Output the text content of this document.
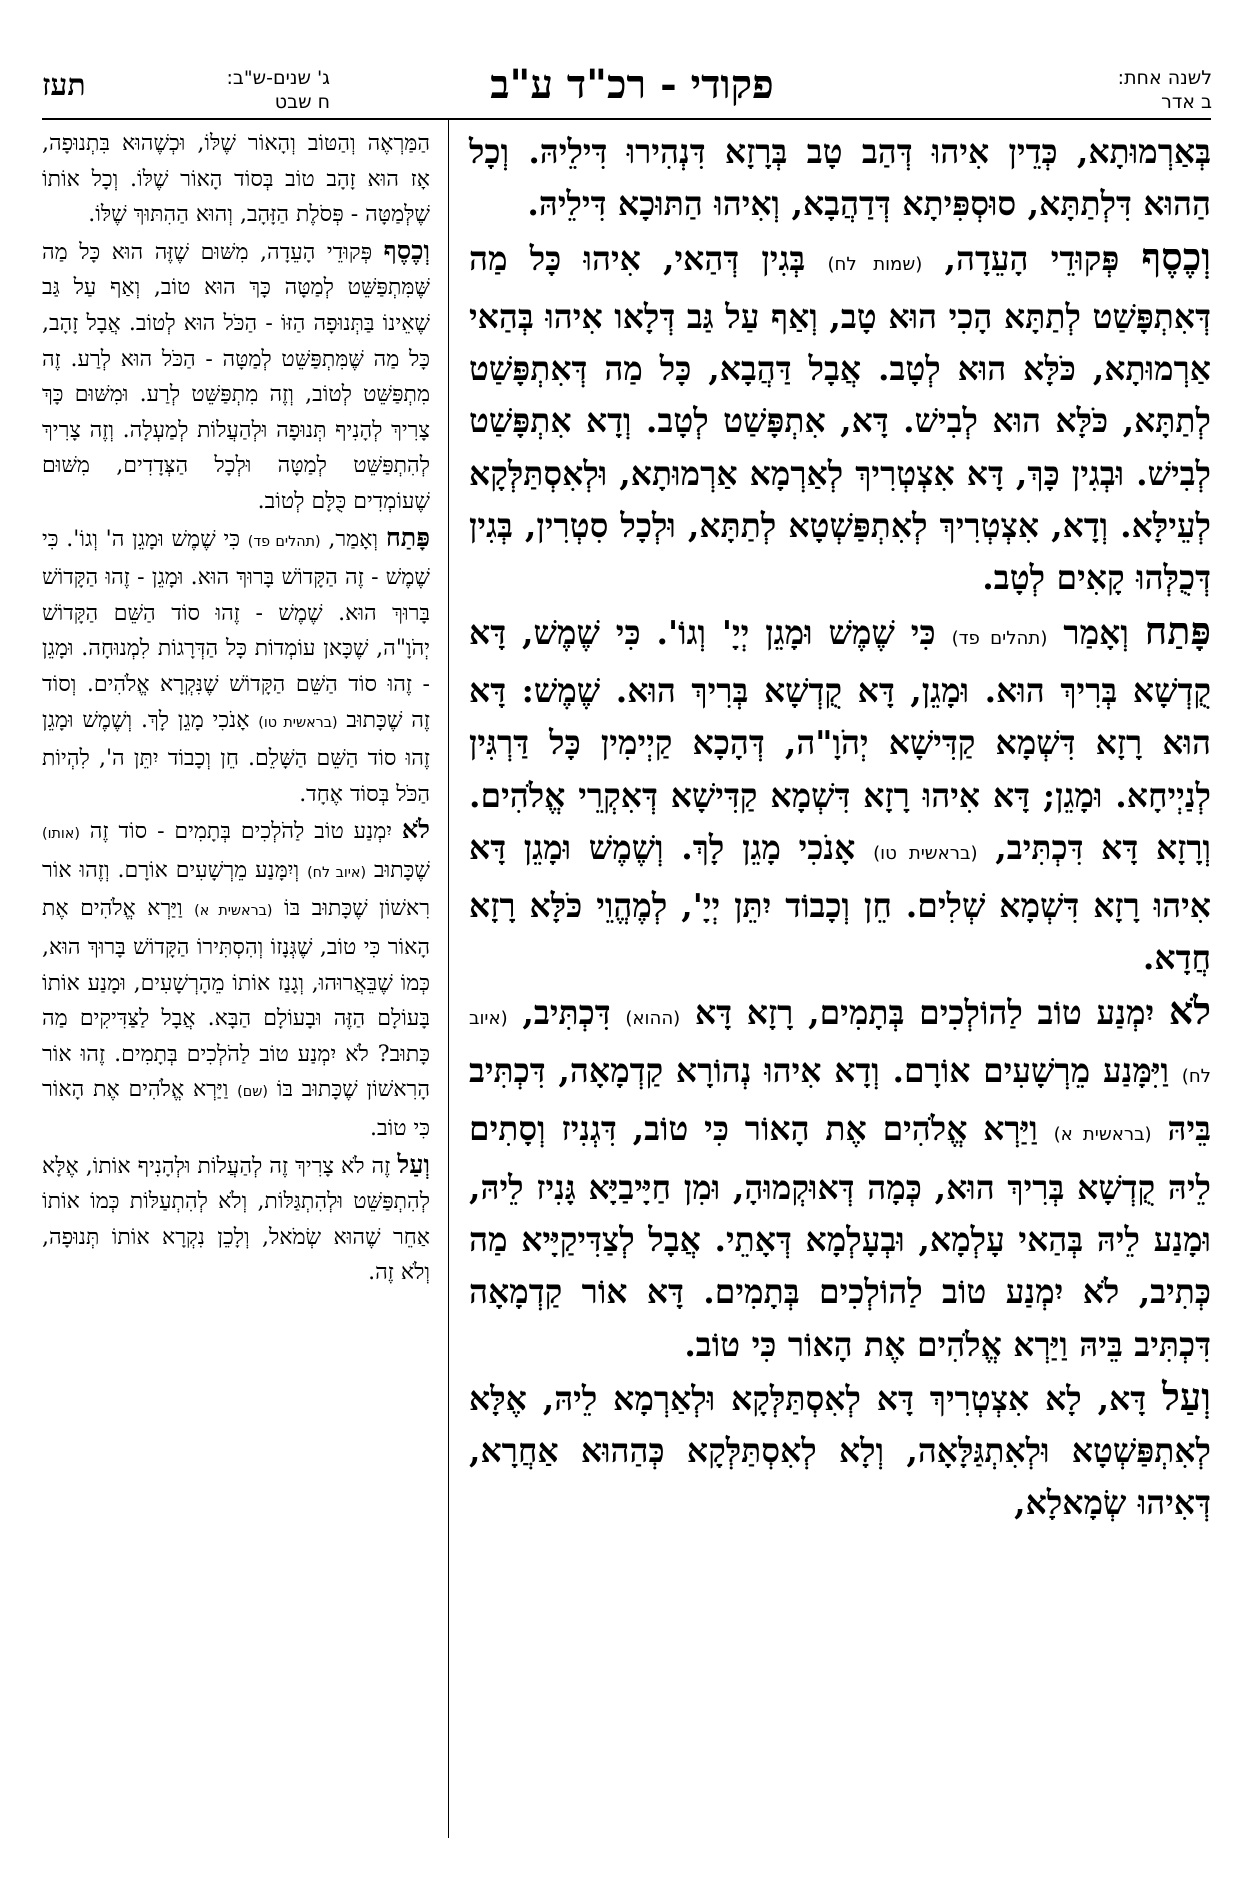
לשנה אחת:
ב אדר
פקודי - רכ"ד ע"ב
ג' שנים-ש"ב:
ח שבט
תעז

בְּאַרְמוּתָא, כְּדֵין אִיהוּ דְּהַב טָב בְּרָזָא דִּנְהִירוּ דִּילֵיהּ. וְכָל הַהוּא דִּלְתַתָּא, סוּסְפִּיתָא דְּדַהֲבָא, וְאִיהוּ הַתּוּכָא דִּילֵיהּ.

וְכֶסֶף פְּקוּדֵי הָעֵדָה, (שמות לח) בְּגִין דְּהַאי, אִיהוּ כָּל מַה דְּאִתְפָּשַׁט לְתַתָּא הָכִי הוּא טָב, וְאַף עַל גַּב דְּלָאו אִיהוּ בְּהַאי אַרְמוּתָא, כֹּלָּא הוּא לְטָב. אֲבָל דַּהֲבָא, כָּל מַה דְּאִתְפָּשַׁט לְתַתָּא, כֹּלָּא הוּא לְבִישׁ. דָּא, אִתְפָּשַׁט לְטָב. וְדָא אִתְפָּשַׁט לְבִישׁ. וּבְגִין כָּךְ, דָּא אִצְטְרִיךְ לְאַרְמָא אַרְמוּתָא, וּלְאִסְתַּלְּקָא לְעֵילָּא. וְדָא, אִצְטְרִיךְ לְאִתְפַּשְׁטָא לְתַתָּא, וּלְכָל סִטְרִין, בְּגִין דְּכֻלְּהוּ קָאִים לְטָב.

פָּתַח וְאָמַר (תהלים פד) כִּי שֶׁמֶשׁ וּמָגֵן יְיָ' וְגוֹ'. כִּי שֶׁמֶשׁ, דָּא קֻדְשָׁא בְּרִיךְ הוּא. וּמָגֵן, דָּא קֻדְשָׁא בְּרִיךְ הוּא. שֶׁמֶשׁ: דָּא הוּא רָזָא דִּשְׁמָא קַדִּישָׁא יְהֹוָ"ה, דְּהָכָא קַיְימִין כָּל דַּרְגִּין לְנַיְיחָא. וּמָגֵן; דָּא אִיהוּ רָזָא דִּשְׁמָא קַדִּישָׁא דְּאִקְרֵי אֱלֹהִים. וְרָזָא דָּא דִּכְתִּיב, (בראשית טו) אָנֹכִי מָגֵן לָךְ. וְשֶׁמֶשׁ וּמָגֵן דָּא אִיהוּ רָזָא דִּשְׁמָא שְׁלִים. חֵן וְכָבוֹד יִתֵּן יְיָ', לְמֶהֱוֵי כֹּלָּא רָזָא חֲדָא.

לֹא יִמְנַע טוֹב לַהוֹלְכִים בְּתָמִים, רָזָא דָּא (ההוא) דִּכְתִּיב, (איוב לח) וַיִּמָּנַע מֵרְשָׁעִים אוֹרָם. וְדָא אִיהוּ נְהוֹרָא קַדְמָאָה, דִּכְתִּיב בֵּיהּ (בראשית א) וַיַּרְא אֱלֹהִים אֶת הָאוֹר כִּי טוֹב, דִּגְנִיז וְסָתִים לֵיהּ קֻדְשָׁא בְּרִיךְ הוּא, כְּמָה דְּאוּקְמוּהָ, וּמִן חַיָּיבַיָּא גָּנִיז לֵיהּ, וּמָנַע לֵיהּ בְּהַאי עָלְמָא, וּבְעָלְמָא דְּאָתֵי. אֲבָל לְצַדִּיקַיָּיא מַה כְּתִיב, לֹא יִמְנַע טוֹב לַהוֹלְכִים בְּתָמִים. דָּא אוֹר קַדְמָאָה דִּכְתִּיב בֵּיהּ וַיַּרְא אֱלֹהִים אֶת הָאוֹר כִּי טוֹב.

וְעַל דָּא, לָא אִצְטְרִיךְ דָּא לְאִסְתַּלְּקָא וּלְאַרְמָא לֵיהּ, אֶלָּא לְאִתְפַּשְׁטָא וּלְאִתְגַּלָּאָה, וְלָא לְאִסְתַּלְּקָא כְּהַהוּא אַחֲרָא, דְּאִיהוּ שְׂמָאלָא,

הַמַּרְאֶה וְהַטּוֹב וְהָאוֹר שֶׁלּוֹ, וּכְשֶׁהוּא בִּתְנוּפָה, אָז הוּא זָהָב טוֹב בְּסוֹד הָאוֹר שֶׁלּוֹ. וְכָל אוֹתוֹ שֶׁלְּמַטָּה - פְּסֹלֶת הַזָּהָב, וְהוּא הַהִתּוּךְ שֶׁלּוֹ.

וְכֶסֶף פְּקוּדֵי הָעֵדָה, מִשּׁוּם שֶׁזֶּה הוּא כָּל מַה שֶּׁמִּתְפַּשֵּׁט לְמַטָּה כָּךְ הוּא טוֹב, וְאַף עַל גַּב שֶׁאֵינוֹ בַּתְּנוּפָה הַזּוֹ - הַכֹּל הוּא לְטוֹב. אֲבָל זָהָב, כָּל מַה שֶּׁמִּתְפַּשֵּׁט לְמַטָּה - הַכֹּל הוּא לְרַע. זֶה מִתְפַּשֵּׁט לְטוֹב, וְזֶה מִתְפַּשֵּׁט לְרַע. וּמִשּׁוּם כָּךְ צָרִיךְ לְהָנִיף תְּנוּפָה וּלְהַעֲלוֹת לְמַעְלָה. וְזֶה צָרִיךְ לְהִתְפַּשֵּׁט לְמַטָּה וּלְכָל הַצְּדָדִים, מִשּׁוּם שֶׁעוֹמְדִים כֻּלָּם לְטוֹב.

פָּתַח וְאָמַר, (תהלים פד) כִּי שֶׁמֶשׁ וּמָגֵן ה' וְגוֹ'. כִּי שֶׁמֶשׁ - זֶה הַקָּדוֹשׁ בָּרוּךְ הוּא. וּמָגֵן - זֶהוּ הַקָּדוֹשׁ בָּרוּךְ הוּא. שֶׁמֶשׁ - זֶהוּ סוֹד הַשֵּׁם הַקָּדוֹשׁ יְהֹוָ"ה, שֶׁכָּאן עוֹמְדוֹת כָּל הַדְּרָגוֹת לִמְנוּחָה. וּמָגֵן - זֶהוּ סוֹד הַשֵּׁם הַקָּדוֹשׁ שֶׁנִּקְרָא אֱלֹהִים. וְסוֹד זֶה שֶׁכָּתוּב (בראשית טו) אָנֹכִי מָגֵן לָךְ. וְשֶׁמֶשׁ וּמָגֵן זֶהוּ סוֹד הַשֵּׁם הַשָּׁלֵם. חֵן וְכָבוֹד יִתֵּן ה', לִהְיוֹת הַכֹּל בְּסוֹד אֶחָד.

לֹא יִמְנַע טוֹב לַהֹלְכִים בְּתָמִים - סוֹד זֶה (אותו) שֶׁכָּתוּב (איוב לח) וְיִמָּנַע מֵרְשָׁעִים אוֹרָם. וְזֶהוּ אוֹר רִאשׁוֹן שֶׁכָּתוּב בּוֹ (בראשית א) וַיַּרְא אֱלֹהִים אֶת הָאוֹר כִּי טוֹב, שֶׁגְּנָזוֹ וְהִסְתִּירוֹ הַקָּדוֹשׁ בָּרוּךְ הוּא, כְּמוֹ שֶׁבֵּאֲרוּהוּ, וְגָנַז אוֹתוֹ מֵהָרְשָׁעִים, וּמָנַע אוֹתוֹ בָּעוֹלָם הַזֶּה וּבָעוֹלָם הַבָּא. אֲבָל לַצַּדִּיקִים מַה כָּתוּב? לֹא יִמְנַע טוֹב לַהֹלְכִים בְּתָמִים. זֶהוּ אוֹר הָרִאשׁוֹן שֶׁכָּתוּב בּוֹ (שם) וַיַּרְא אֱלֹהִים אֶת הָאוֹר כִּי טוֹב.

וְעַל זֶה לֹא צָרִיךְ זֶה לְהַעֲלוֹת וּלְהָנִיף אוֹתוֹ, אֶלָּא לְהִתְפַּשֵּׁט וּלְהִתְגַּלּוֹת, וְלֹא לְהִתְעַלּוֹת כְּמוֹ אוֹתוֹ אַחֵר שֶׁהוּא שְׂמֹאל, וְלָכֵן נִקְרָא אוֹתוֹ תְּנוּפָה, וְלֹא זֶה.
